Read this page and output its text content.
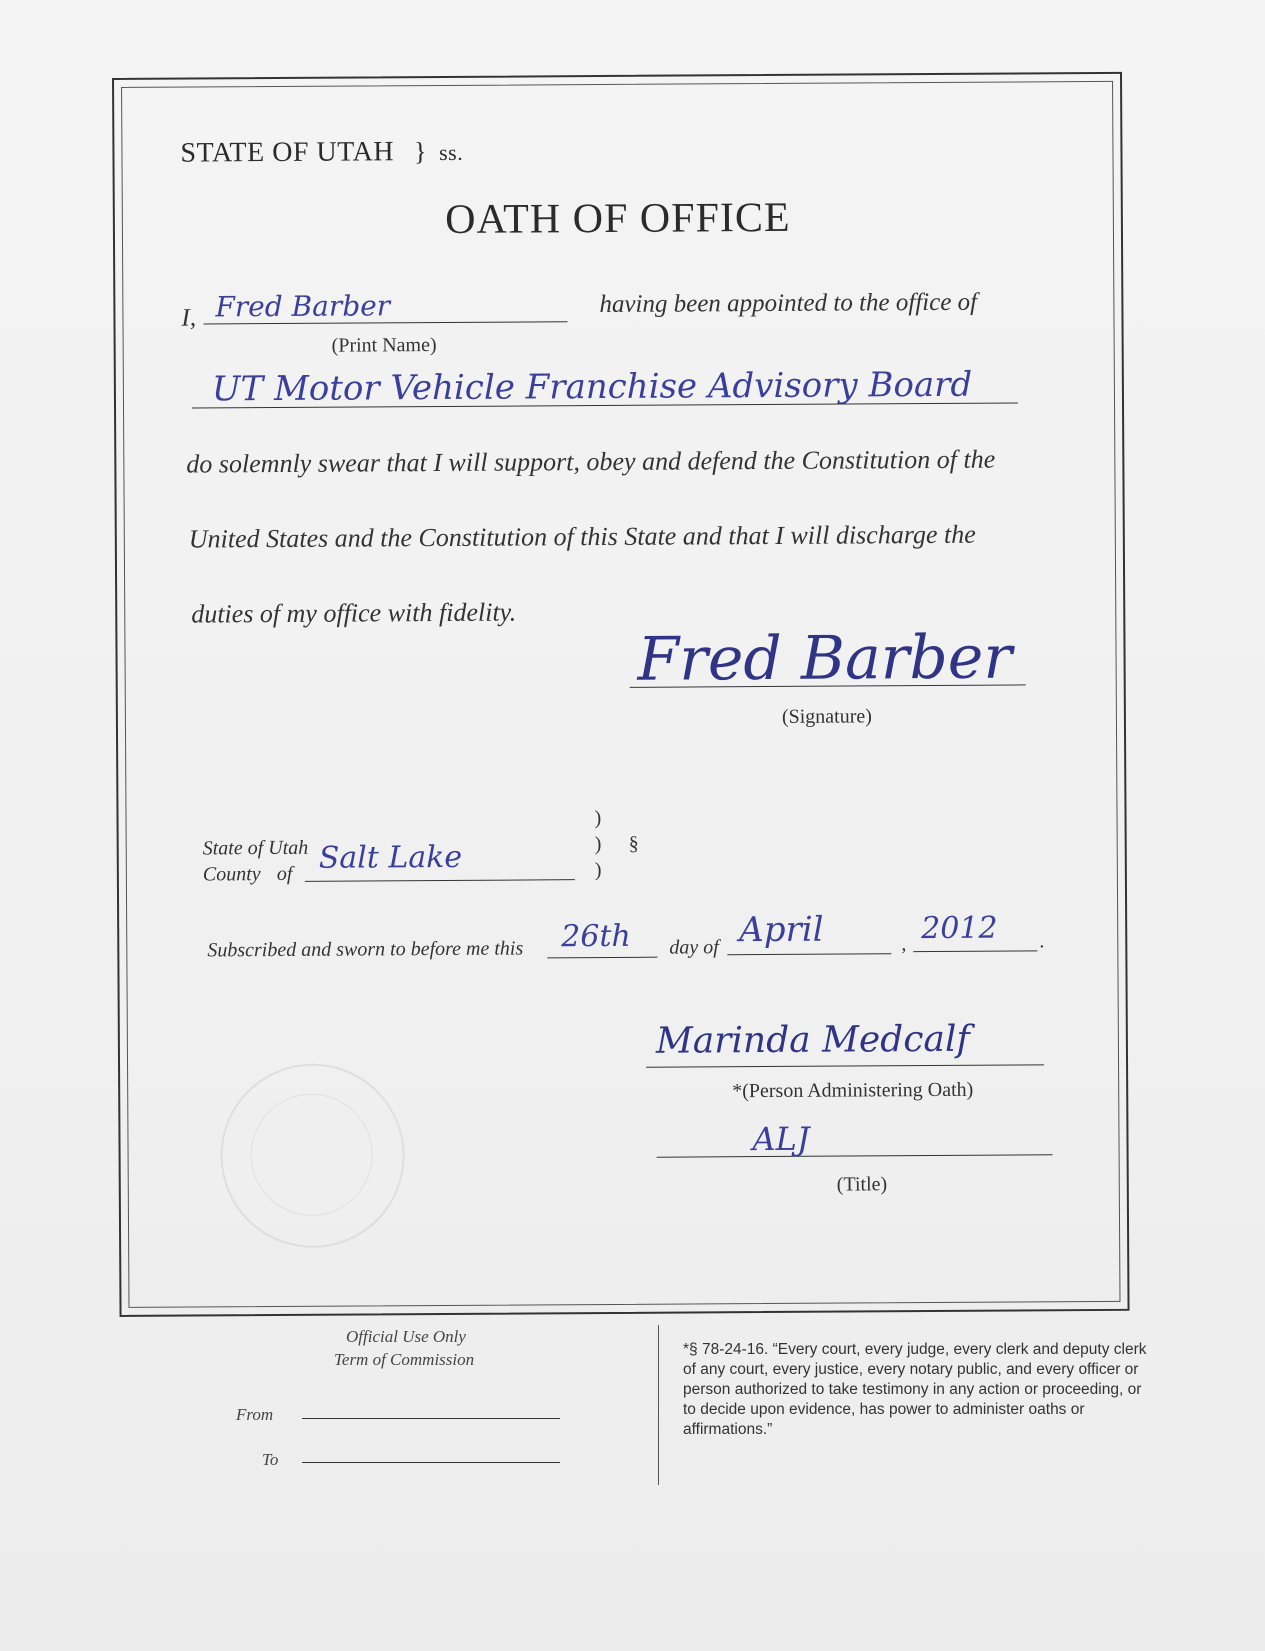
STATE OF UTAH } ss.
OATH OF OFFICE
I, Fred Barber
(Print Name)
having been appointed to the office of
UT Motor Vehicle Franchise Advisory Board
do solemnly swear that I will support, obey and defend the Constitution of the
United States and the Constitution of this State and that I will discharge the
duties of my office with fidelity.
Fred Barber
(Signature)
State of Utah
County of Salt Lake
)
)
)
§
Subscribed and sworn to before me this 26th day of April	, 2012 .
Marinda Medcalf
*(Person Administering Oath)
ALJ
(Title)
Official Use Only
Term of Commission
From
To
*§ 78-24-16. “Every court, every judge, every clerk and deputy clerk of any court, every justice, every notary public, and every officer or person authorized to take testimony in any action or proceeding, or to decide upon evidence, has power to administer oaths or affirmations.”
